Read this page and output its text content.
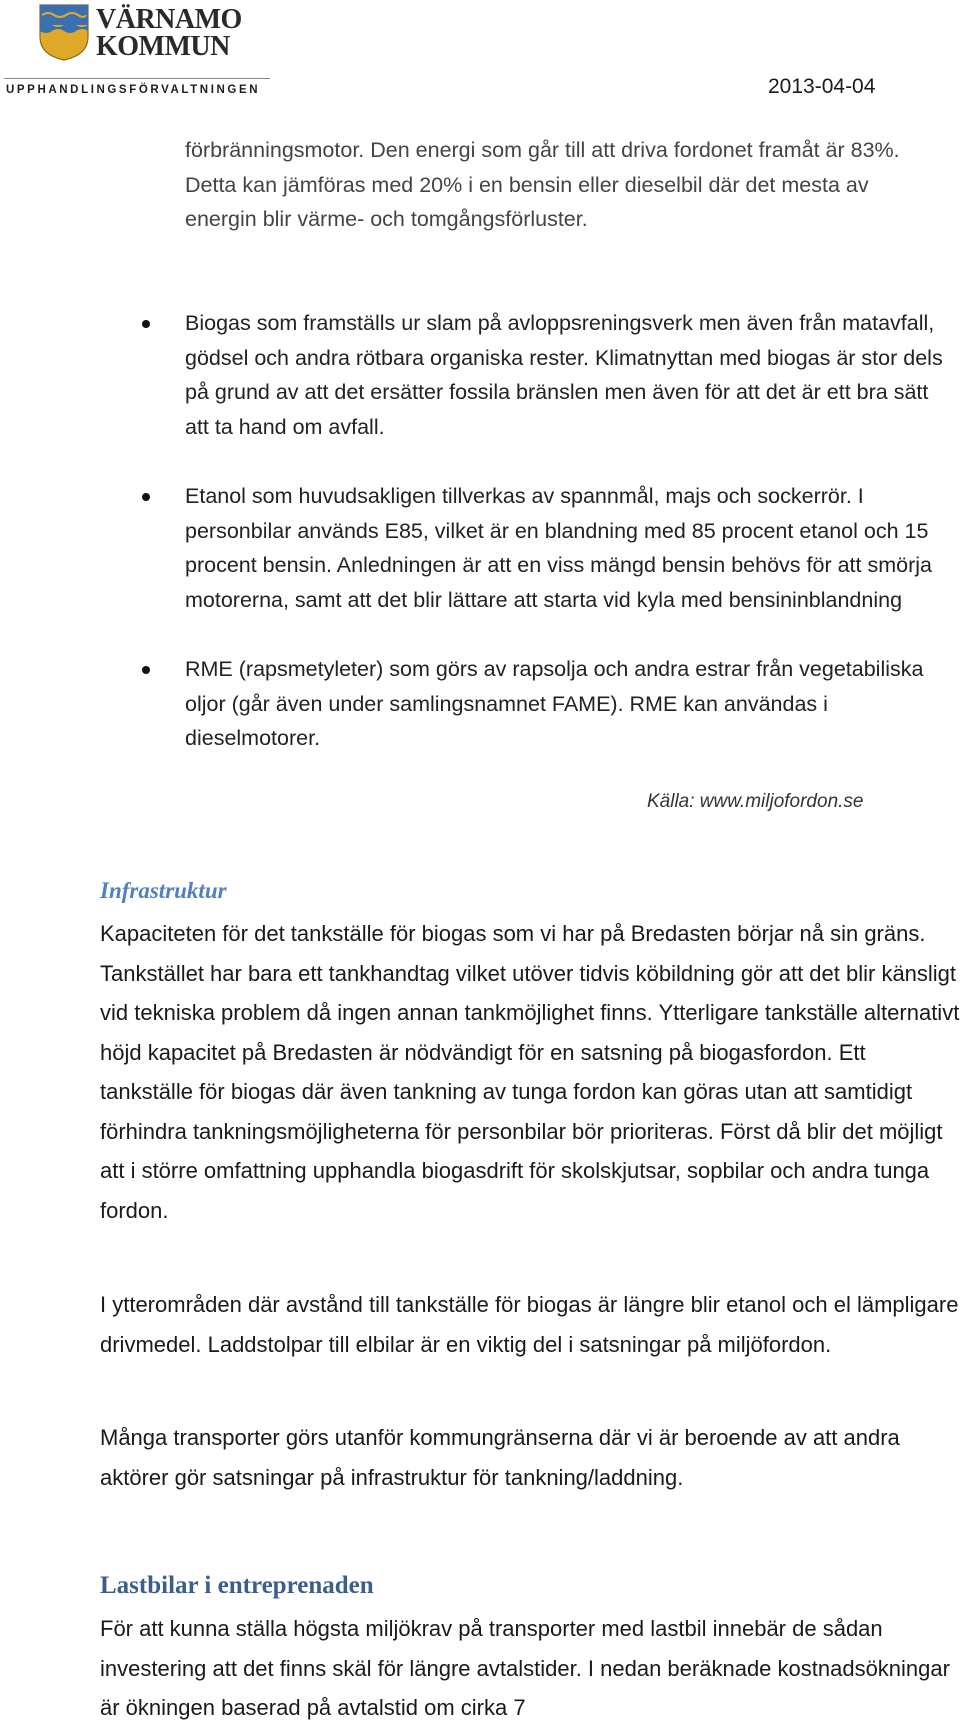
VÄRNAMO
KOMMUN
UPPHANDLINGSFÖRVALTNINGEN	2013-04-04
förbränningsmotor. Den energi som går till att driva fordonet framåt är 83%. Detta kan jämföras med 20% i en bensin eller dieselbil där det mesta av energin blir värme- och tomgångsförluster.
Biogas som framställs ur slam på avloppsreningsverk men även från matavfall, gödsel och andra rötbara organiska rester. Klimatnyttan med biogas är stor dels på grund av att det ersätter fossila bränslen men även för att det är ett bra sätt att ta hand om avfall.
Etanol som huvudsakligen tillverkas av spannmål, majs och sockerrör. I personbilar används E85, vilket är en blandning med 85 procent etanol och 15 procent bensin. Anledningen är att en viss mängd bensin behövs för att smörja motorerna, samt att det blir lättare att starta vid kyla med bensininblandning
RME (rapsmetyleter) som görs av rapsolja och andra estrar från vegetabiliska oljor (går även under samlingsnamnet FAME). RME kan användas i dieselmotorer.
Källa: www.miljofordon.se
Infrastruktur

Kapaciteten för det tankställe för biogas som vi har på Bredasten börjar nå sin gräns. Tankstället har bara ett tankhandtag vilket utöver tidvis köbildning gör att det blir känsligt vid tekniska problem då ingen annan tankmöjlighet finns. Ytterligare tankställe alternativt höjd kapacitet på Bredasten är nödvändigt för en satsning på biogasfordon. Ett tankställe för biogas där även tankning av tunga fordon kan göras utan att samtidigt förhindra tankningsmöjligheterna för personbilar bör prioriteras. Först då blir det möjligt att i större omfattning upphandla biogasdrift för skolskjutsar, sopbilar och andra tunga fordon.

I ytterområden där avstånd till tankställe för biogas är längre blir etanol och el lämpligare drivmedel. Laddstolpar till elbilar är en viktig del i satsningar på miljöfordon.

Många transporter görs utanför kommungränserna där vi är beroende av att andra aktörer gör satsningar på infrastruktur för tankning/laddning.

Lastbilar i entreprenaden

För att kunna ställa högsta miljökrav på transporter med lastbil innebär de sådan investering att det finns skäl för längre avtalstider. I nedan beräknade kostnadsökningar är ökningen baserad på avtalstid om cirka 7
